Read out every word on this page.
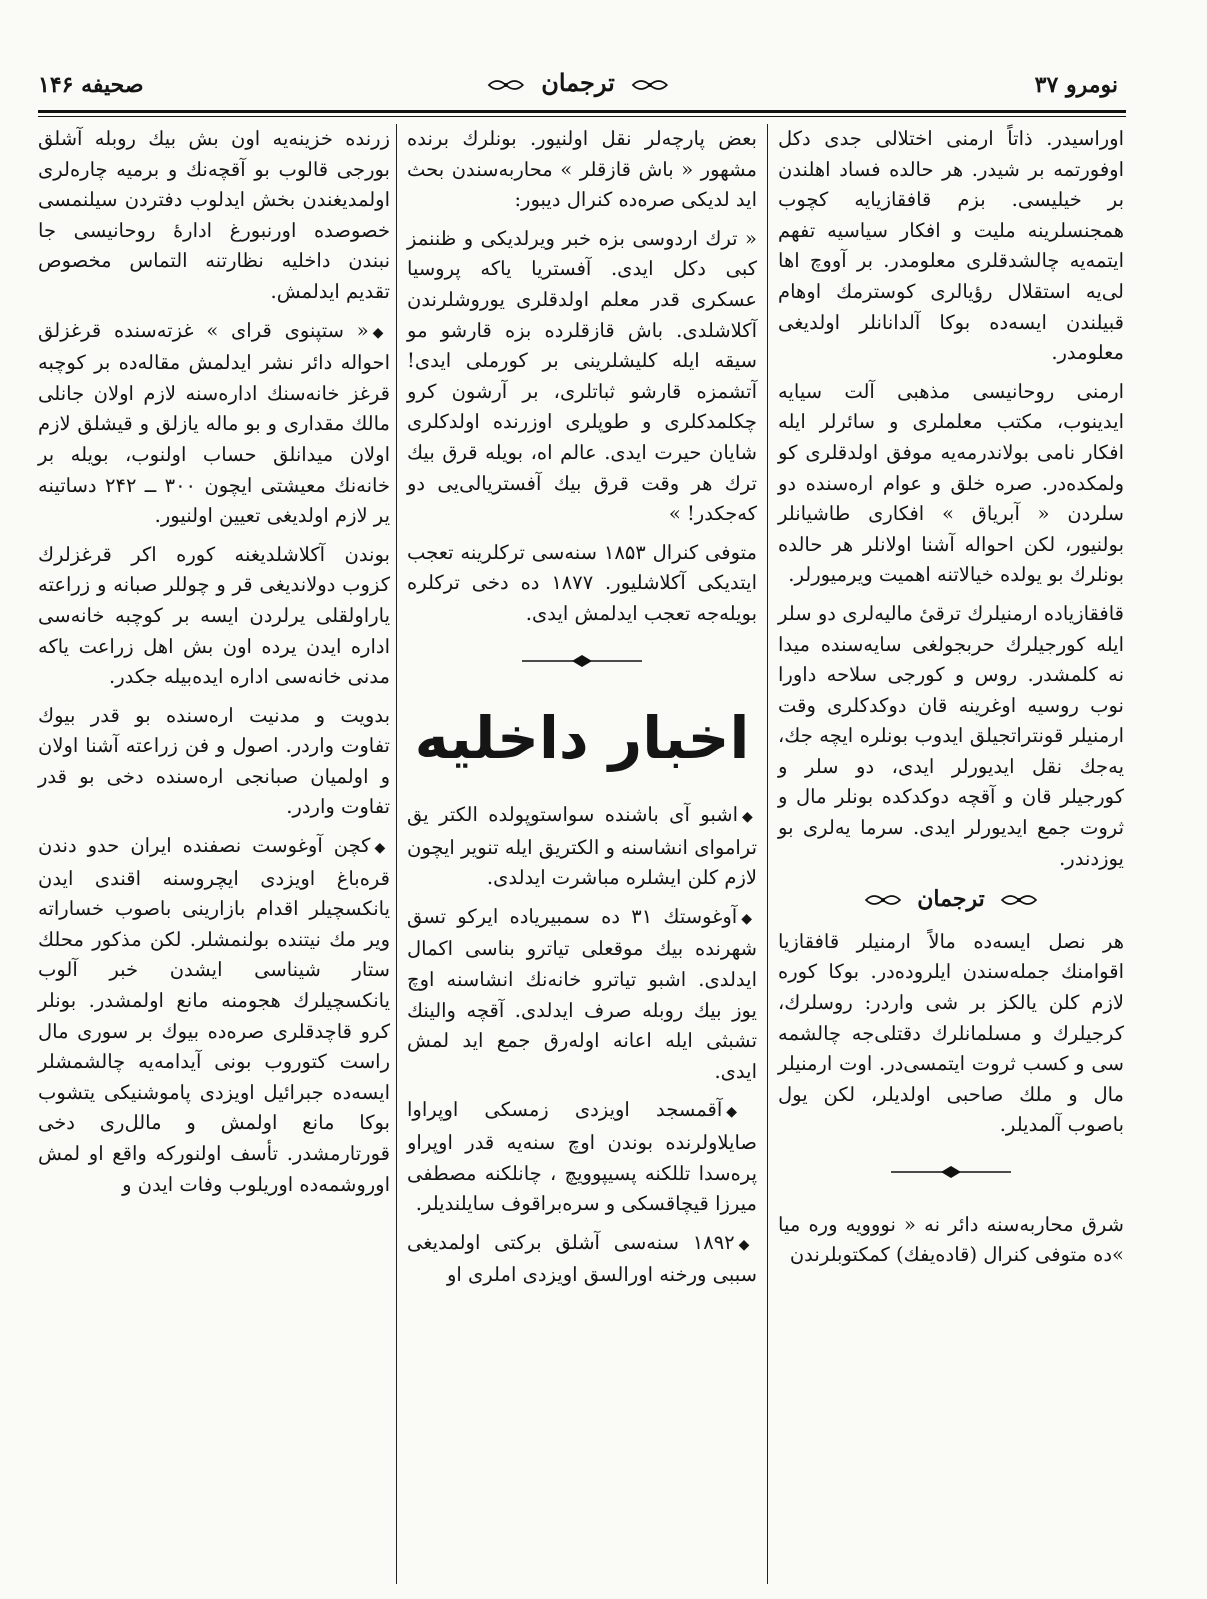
نومرو ۳۷
ترجمان
صحيفه ۱۴۶

اوراسيدر. ذاتاً ارمنى اختلالى جدى دكل اوفورتمه بر شيدر. هر حالده فساد اهلندن بر خيليسى. بزم قافقازيايه كچوب همجنسلرينه مليت و افكار سياسيه تفهم ايتمه‌يه چالشدقلرى معلومدر. بر آووچ اها لى‌يه استقلال رؤيالرى كوسترمك اوهام قبيلندن ايسه‌ده بوكا آلدانانلر اولديغى معلومدر.

ارمنى روحانيسى مذهبى آلت سيايه ايدينوب، مكتب معلملرى و سائرلر ايله افكار نامى بولاندرمه‌يه موفق اولدقلرى كو ولمكده‌در. صره خلق و عوام ارەسنده دو سلردن « آبرياق » افكارى طاشيانلر بولنيور، لكن احواله آشنا اولانلر هر حالده بونلرك بو يولده خيالاتنه اهميت ويرميورلر.

قافقازياده ارمنيلرك ترقىٔ ماليه‌لرى دو سلر ايله كورجيلرك حربجولغى سايه‌سنده ميدا نه كلمشدر. روس و كورجى سلاحه داورا نوب روسيه اوغرينه قان دوكدكلرى وقت ارمنيلر قونتراتجيلق ايدوب بونلره ايچه جك، يه‌جك نقل ايديورلر ايدى، دو سلر و كورجيلر قان و آقچه دوكدكده بونلر مال و ثروت جمع ايديورلر ايدى. سرما يه‌لرى بو يوزدندر.

ترجمان

هر نصل ايسه‌ده مالاً ارمنيلر قافقازيا اقوامنك جمله‌سندن ايلروده‌در. بوكا كوره لازم كلن يالكز بر شى واردر: روسلرك، كرجيلرك و مسلمانلرك دقتلى‌جه چالشمه سى و كسب ثروت ايتمسى‌در. اوت ارمنيلر مال و ملك صاحبى اولديلر، لكن يول باصوب آلمديلر.

شرق محاربه‌سنه دائر نه « نووويه وره ميا »ده متوفى كنرال (قادەيفك) كمكتوبلرندن

بعض پارچه‌لر نقل اولنيور. بونلرك برنده مشهور « باش قازقلر » محاربه‌سندن بحث ايد لديكى صره‌ده كنرال ديبور:

« ترك اردوسى بزه خبر ويرلديكى و ظننمز كبى دكل ايدى. آفستريا ياكه پروسيا عسكرى قدر معلم اولدقلرى يوروشلرندن آكلاشلدى. باش قازقلرده بزه قارشو مو سيقه ايله كليشلرينى بر كورملى ايدى! آتشمزه قارشو ثباتلرى، بر آرشون كرو چكلمدكلرى و طوپلرى اوزرنده اولدكلرى شايان حيرت ايدى. عالم اه، بويله قرق بيك ترك هر وقت قرق بيك آفستريالى‌يى دو كه‌جكدر! »

متوفى كنرال ۱۸۵۳ سنه‌سى تركلرينه تعجب ايتديكى آكلاشليور. ۱۸۷۷ ده دخى تركلره بويله‌جه تعجب ايدلمش ايدى.

اخبار داخليه

◆اشبو آى باشنده سواستوپولده الكتر يق ترامواى انشاسنه و الكتريق ايله تنوير ايچون لازم كلن ايشلره مباشرت ايدلدى.

◆آوغوستك ۳۱ ده سمبيرياده ايركو تسق شهرنده بيك موقعلى تياترو بناسى اكمال ايدلدى. اشبو تياترو خانه‌نك انشاسنه اوچ يوز بيك روبله صرف ايدلدى. آقچه والينك تشبثى ايله اعانه اوله‌رق جمع ايد لمش ايدى.

◆آقمسجد اويزدى زمسكى اوپراوا صايلاولرنده بوندن اوچ سنه‌يه قدر اوپراو پره‌سدا تللكنه پسيپوويچ ، چانلكنه مصطفى ميرزا قيچاقسكى و سره‌براقوف سايلنديلر.

◆۱۸۹۲ سنه‌سى آشلق بركتى اولمديغى سببى ورخنه اورالسق اويزدى املرى او

زرنده خزينه‌يه اون بش بيك روبله آشلق بورجى قالوب بو آقچه‌نك و برميه چاره‌لرى اولمديغندن بخش ايدلوب دفتردن سيلنمسى خصوصده اورنبورغ ادارهٔ روحانيسى جا نبندن داخليه نظارتنه التماس مخصوص تقديم ايدلمش.

◆« ستپنوى قراى » غزته‌سنده قرغزلق احواله دائر نشر ايدلمش مقاله‌ده بر كوچبه قرغز خانه‌سنك اداره‌سنه لازم اولان جانلى مالك مقدارى و بو ماله يازلق و قيشلق لازم اولان ميدانلق حساب اولنوب، بويله بر خانه‌نك معيشتى ايچون ۳۰۰ ــ ۲۴۲ دساتينه ير لازم اولديغى تعيين اولنيور.

بوندن آكلاشلديغنه كوره اكر قرغزلرك كزوب دولانديغى قر و چوللر صبانه و زراعته ياراولقلى يرلردن ايسه بر كوچبه خانه‌سى اداره ايدن يرده اون بش اهل زراعت ياكه مدنى خانه‌سى اداره ايده‌بيله جكدر.

بدويت و مدنيت اره‌سنده بو قدر بيوك تفاوت واردر. اصول و فن زراعته آشنا اولان و اولميان صبانجى ارەسنده دخى بو قدر تفاوت واردر.

◆كچن آوغوست نصفنده ايران حدو دندن قره‌باغ اويزدى ايچروسنه اقندى ايدن يانكسچيلر اقدام بازارينى باصوب خساراته وير مك نيتنده بولنمشلر. لكن مذكور محلك ستار شيناسى ايشدن خبر آلوب يانكسچيلرك هجومنه مانع اولمشدر. بونلر كرو قاچدقلرى صره‌ده بيوك بر سورى مال راست كتوروب بونى آيدامه‌يه چالشمشلر ايسه‌ده جبرائيل اويزدى پاموشنيكى يتشوب بوكا مانع اولمش و مالل‌رى دخى قورتارمشدر. تأسف اولنوركه واقع او لمش اوروشمه‌ده اوريلوب وفات ايدن و
